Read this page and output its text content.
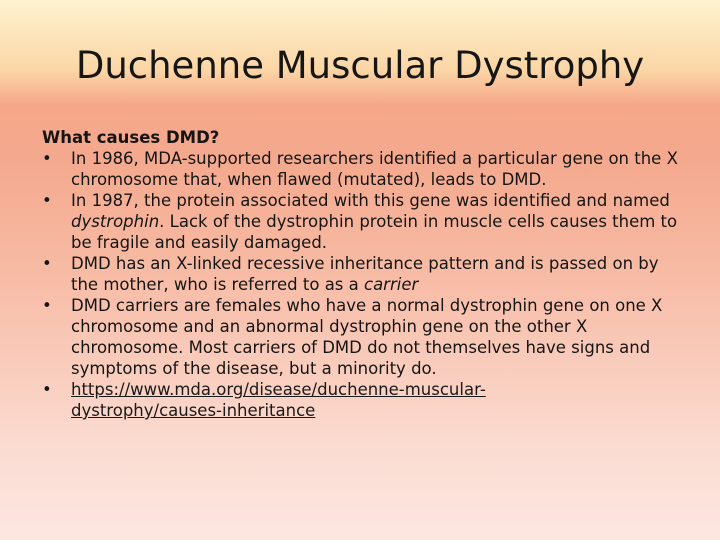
Duchenne Muscular Dystrophy
What causes DMD?
•	In 1986, MDA-supported researchers identified a particular gene on the X chromosome that, when flawed (mutated), leads to DMD.
•	In 1987, the protein associated with this gene was identified and named dystrophin. Lack of the dystrophin protein in muscle cells causes them to be fragile and easily damaged.
•	DMD has an X-linked recessive inheritance pattern and is passed on by the mother, who is referred to as a carrier
•	DMD carriers are females who have a normal dystrophin gene on one X chromosome and an abnormal dystrophin gene on the other X chromosome. Most carriers of DMD do not themselves have signs and symptoms of the disease, but a minority do.
•	https://www.mda.org/disease/duchenne-muscular-
dystrophy/causes-inheritance
